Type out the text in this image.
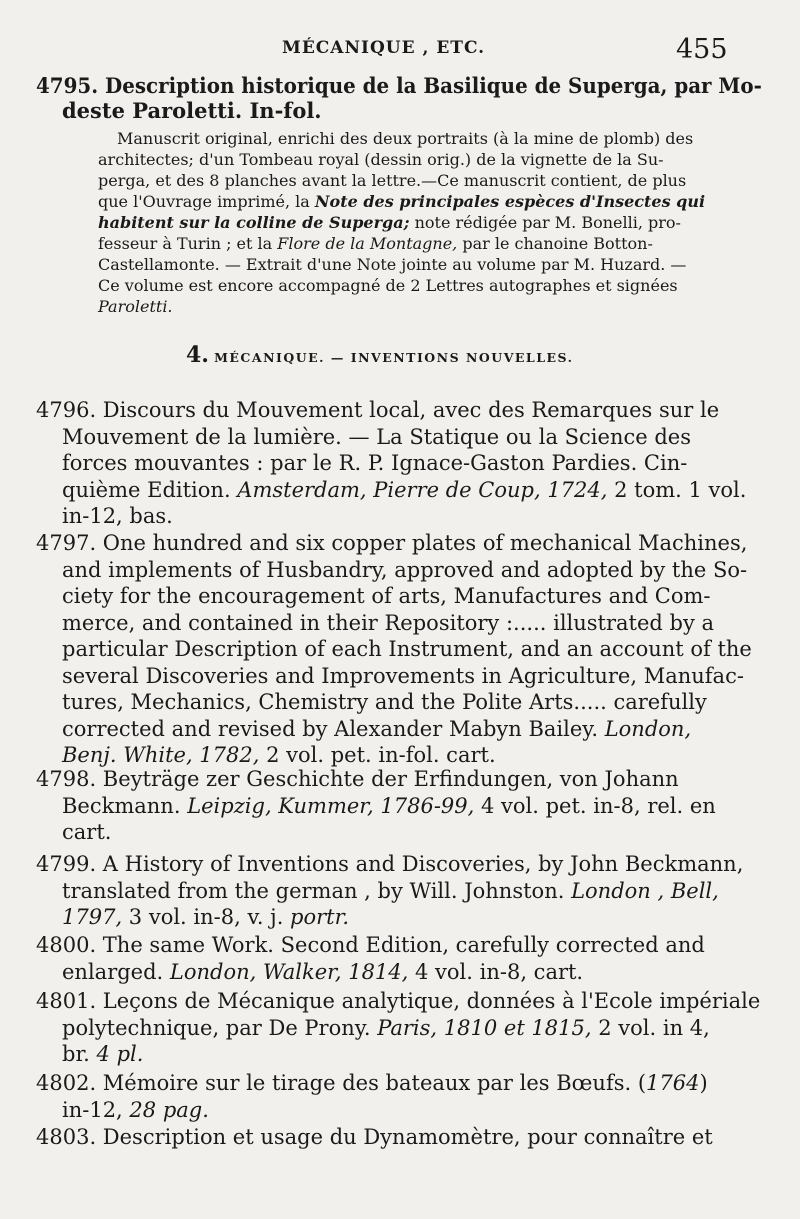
MÉCANIQUE , ETC.	455
4795. Description historique de la Basilique de Superga, par Mo-
deste Paroletti. In-fol.
Manuscrit original, enrichi des deux portraits (à la mine de plomb) des
architectes; d'un Tombeau royal (dessin orig.) de la vignette de la Su-
perga, et des 8 planches avant la lettre.—Ce manuscrit contient, de plus
que l'Ouvrage imprimé, la Note des principales espèces d'Insectes qui
habitent sur la colline de Superga; note rédigée par M. Bonelli, pro-
fesseur à Turin ; et la Flore de la Montagne, par le chanoine Botton-
Castellamonte. — Extrait d'une Note jointe au volume par M. Huzard. —
Ce volume est encore accompagné de 2 Lettres autographes et signées
Paroletti.
4. MÉCANIQUE. — INVENTIONS NOUVELLES.
4796. Discours du Mouvement local, avec des Remarques sur le
Mouvement de la lumière. — La Statique ou la Science des
forces mouvantes : par le R. P. Ignace-Gaston Pardies. Cin-
quième Edition. Amsterdam, Pierre de Coup, 1724, 2 tom. 1 vol.
in-12, bas.
4797. One hundred and six copper plates of mechanical Machines,
and implements of Husbandry, approved and adopted by the So-
ciety for the encouragement of arts, Manufactures and Com-
merce, and contained in their Repository :..... illustrated by a
particular Description of each Instrument, and an account of the
several Discoveries and Improvements in Agriculture, Manufac-
tures, Mechanics, Chemistry and the Polite Arts..... carefully
corrected and revised by Alexander Mabyn Bailey. London,
Benj. White, 1782, 2 vol. pet. in-fol. cart.
4798. Beyträge zer Geschichte der Erfindungen, von Johann
Beckmann. Leipzig, Kummer, 1786-99, 4 vol. pet. in-8, rel. en
cart.
4799. A History of Inventions and Discoveries, by John Beckmann,
translated from the german , by Will. Johnston. London , Bell,
1797, 3 vol. in-8, v. j. portr.
4800. The same Work. Second Edition, carefully corrected and
enlarged. London, Walker, 1814, 4 vol. in-8, cart.
4801. Leçons de Mécanique analytique, données à l'Ecole impériale
polytechnique, par De Prony. Paris, 1810 et 1815, 2 vol. in 4,
br. 4 pl.
4802. Mémoire sur le tirage des bateaux par les Bœufs. (1764)
in-12, 28 pag.
4803. Description et usage du Dynamomètre, pour connaître et
